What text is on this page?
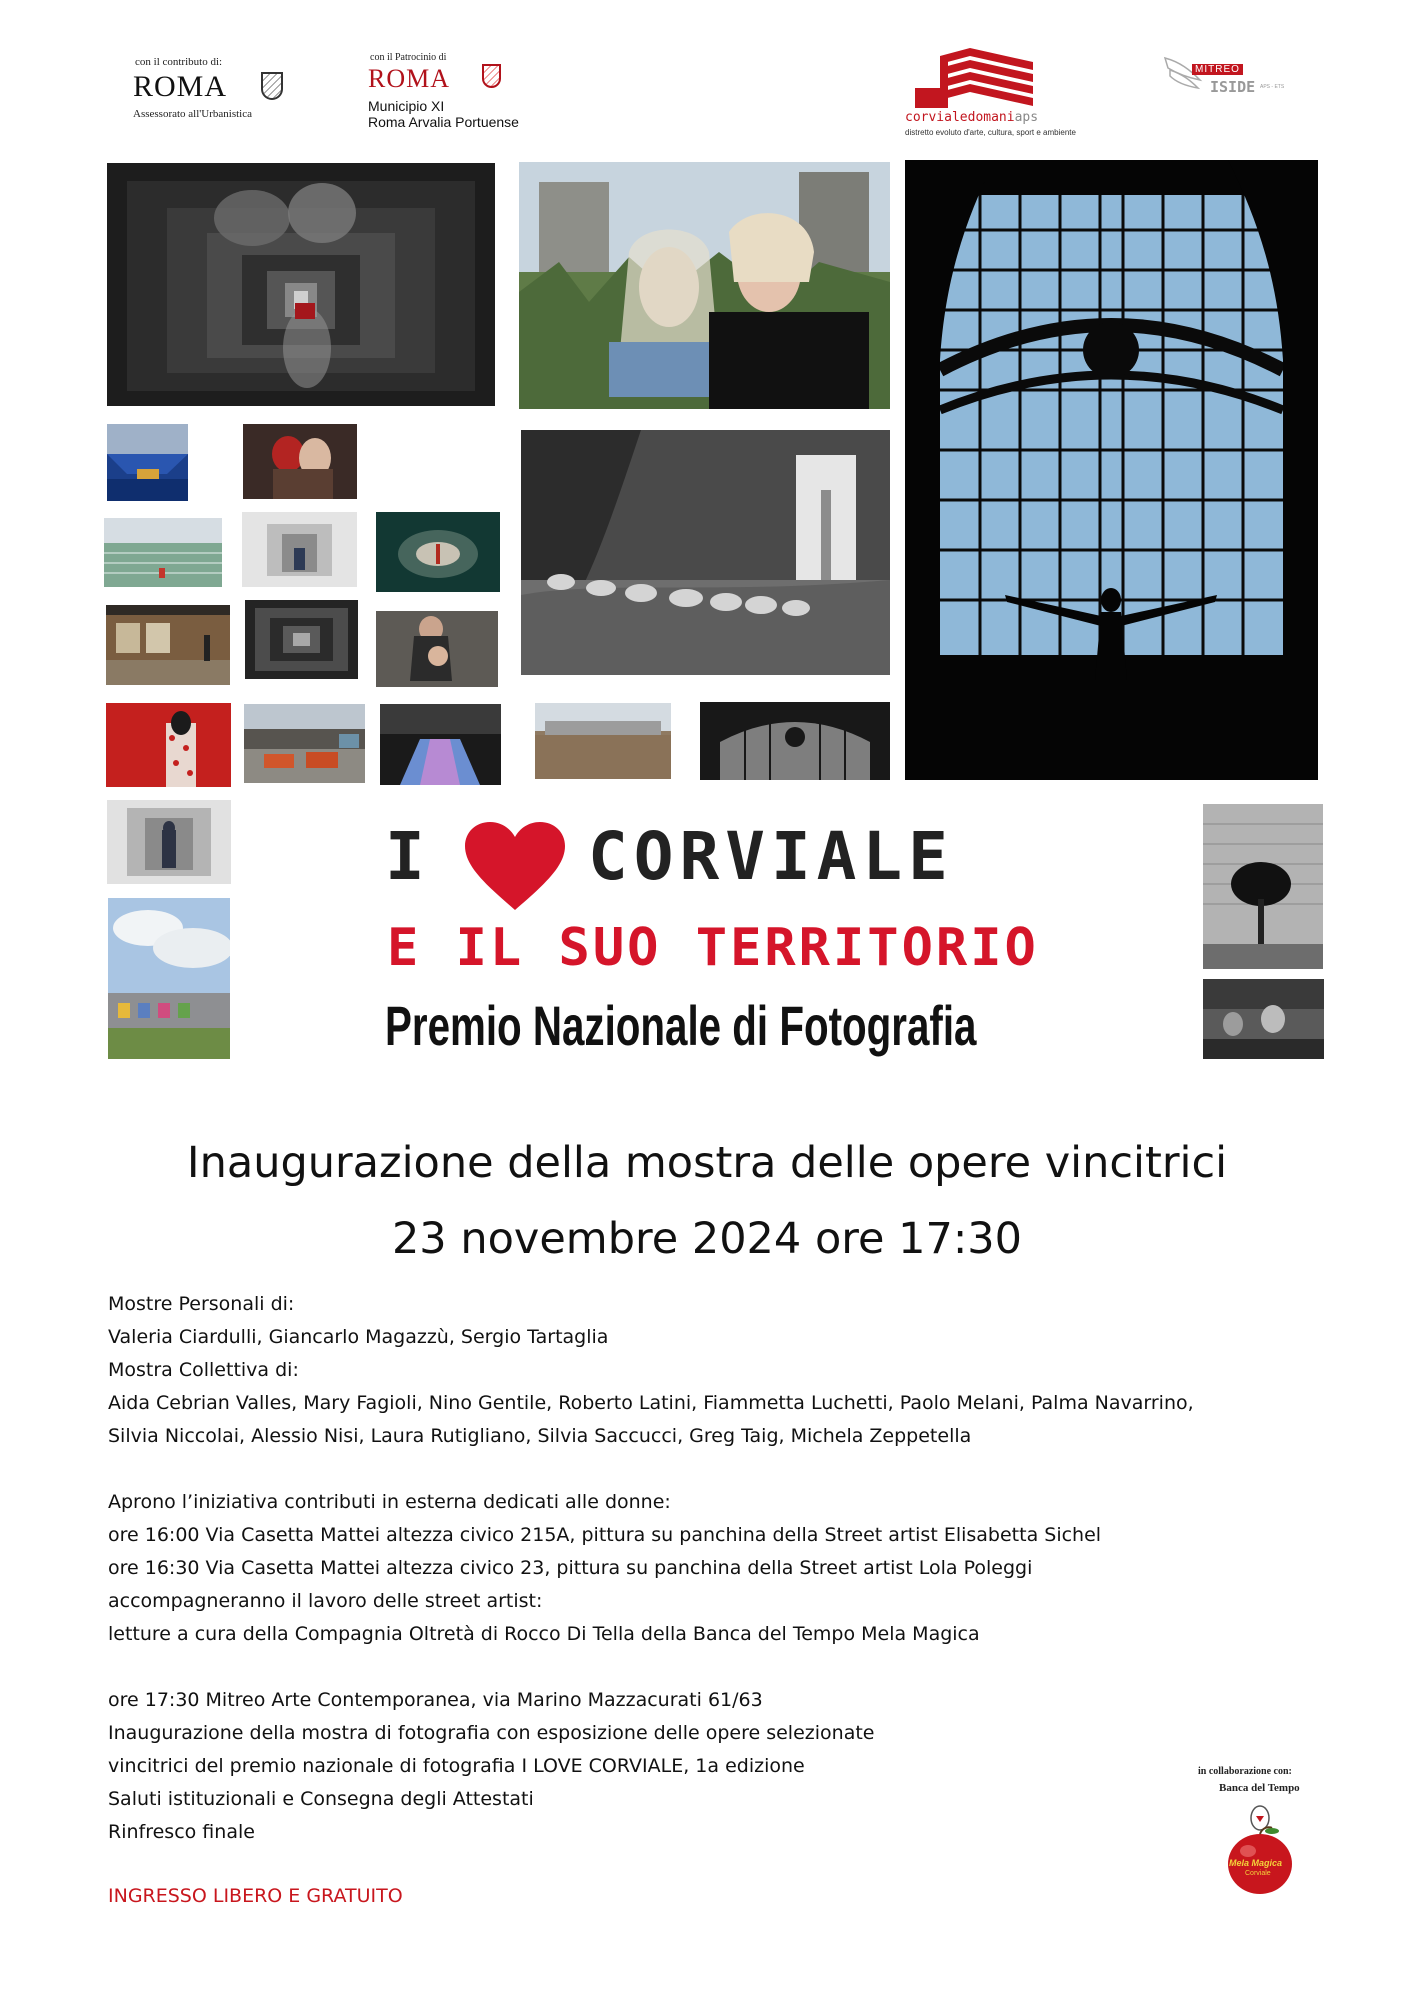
con il contributo di:
ROMA
Assessorato all'Urbanistica
con il Patrocinio di
ROMA
Municipio XI
Roma Arvalia Portuense	corvialedomaniaps
distretto evoluto d'arte, cultura, sport e ambiente
MITREO
ISIDE APS - ETS
I CORVIALE
E IL SUO TERRITORIO
Premio Nazionale di Fotografia
Inaugurazione della mostra delle opere vincitrici
23 novembre 2024 ore 17:30
Mostre Personali di:
Valeria Ciardulli, Giancarlo Magazzù, Sergio Tartaglia
Mostra Collettiva di:
Aida Cebrian Valles, Mary Fagioli, Nino Gentile, Roberto Latini, Fiammetta Luchetti, Paolo Melani, Palma Navarrino,
Silvia Niccolai, Alessio Nisi, Laura Rutigliano, Silvia Saccucci, Greg Taig, Michela Zeppetella
Aprono l’iniziativa contributi in esterna dedicati alle donne:
ore 16:00 Via Casetta Mattei altezza civico 215A, pittura su panchina della Street artist Elisabetta Sichel
ore 16:30 Via Casetta Mattei altezza civico 23, pittura su panchina della Street artist Lola Poleggi
accompagneranno il lavoro delle street artist:
letture a cura della Compagnia Oltretà di Rocco Di Tella della Banca del Tempo Mela Magica
ore 17:30 Mitreo Arte Contemporanea, via Marino Mazzacurati 61/63
Inaugurazione della mostra di fotografia con esposizione delle opere selezionate
vincitrici del premio nazionale di fotografia I LOVE CORVIALE, 1a edizione
Saluti istituzionali e Consegna degli Attestati
Rinfresco finale
INGRESSO LIBERO E GRATUITO
in collaborazione con:
Banca del Tempo
Mela Magica
Corviale
